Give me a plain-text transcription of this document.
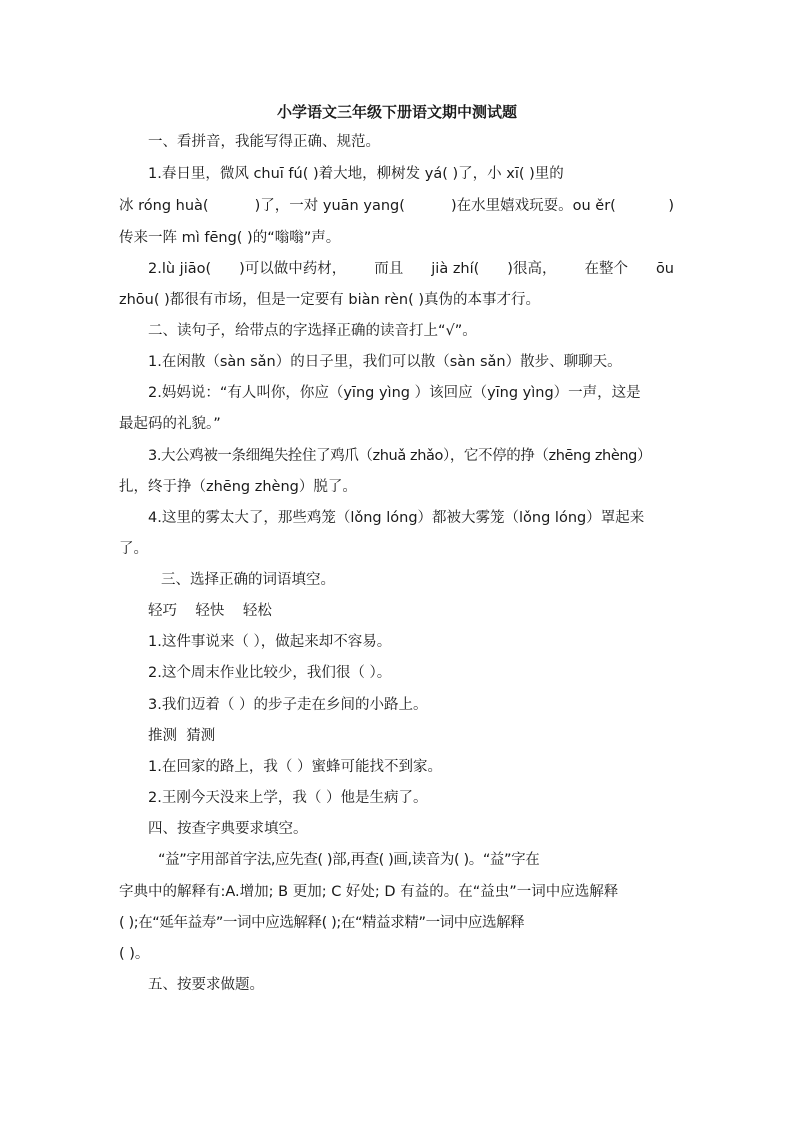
小学语文三年级下册语文期中测试题
一、看拼音，我能写得正确、规范。
1.春日里，微风 chuī fú( )着大地，柳树发 yá( )了，小 xī( )里的
冰 róng huà(          )了，一对 yuān yang(          )在水里嬉戏玩耍。ou ěr(	)
传来一阵 mì fēng( )的“嗡嗡”声。
2.lù jiāo( )可以做中药材， 而且 jià zhí( )很高， 在整个 ōu
zhōu( )都很有市场，但是一定要有 biàn rèn( )真伪的本事才行。
二、读句子，给带点的字选择正确的读音打上“√”。
1.在闲散（sàn sǎn）的日子里，我们可以散（sàn sǎn）散步、聊聊天。
2.妈妈说：“有人叫你，你应（yīng yìng ）该回应（yīng yìng）一声，这是
最起码的礼貌。”
3.大公鸡被一条细绳失拴住了鸡爪（zhuǎ zhǎo），它不停的挣（zhēng zhèng）
扎，终于挣（zhēng zhèng）脱了。
4.这里的雾太大了，那些鸡笼（lǒng lóng）都被大雾笼（lǒng lóng）罩起来
了。
三、选择正确的词语填空。
轻巧    轻快    轻松
1.这件事说来（ ），做起来却不容易。
2.这个周末作业比较少，我们很（ ）。
3.我们迈着（ ）的步子走在乡间的小路上。
推测  猜测
1.在回家的路上，我（ ）蜜蜂可能找不到家。
2.王刚今天没来上学，我（ ）他是生病了。
四、按查字典要求填空。
“益”字用部首字法,应先查( )部,再查( )画,读音为( )。“益”字在
字典中的解释有:A.增加; B 更加; C 好处; D 有益的。在“益虫”一词中应选解释
( );在“延年益寿”一词中应选解释( );在“精益求精”一词中应选解释
( )。
五、按要求做题。
